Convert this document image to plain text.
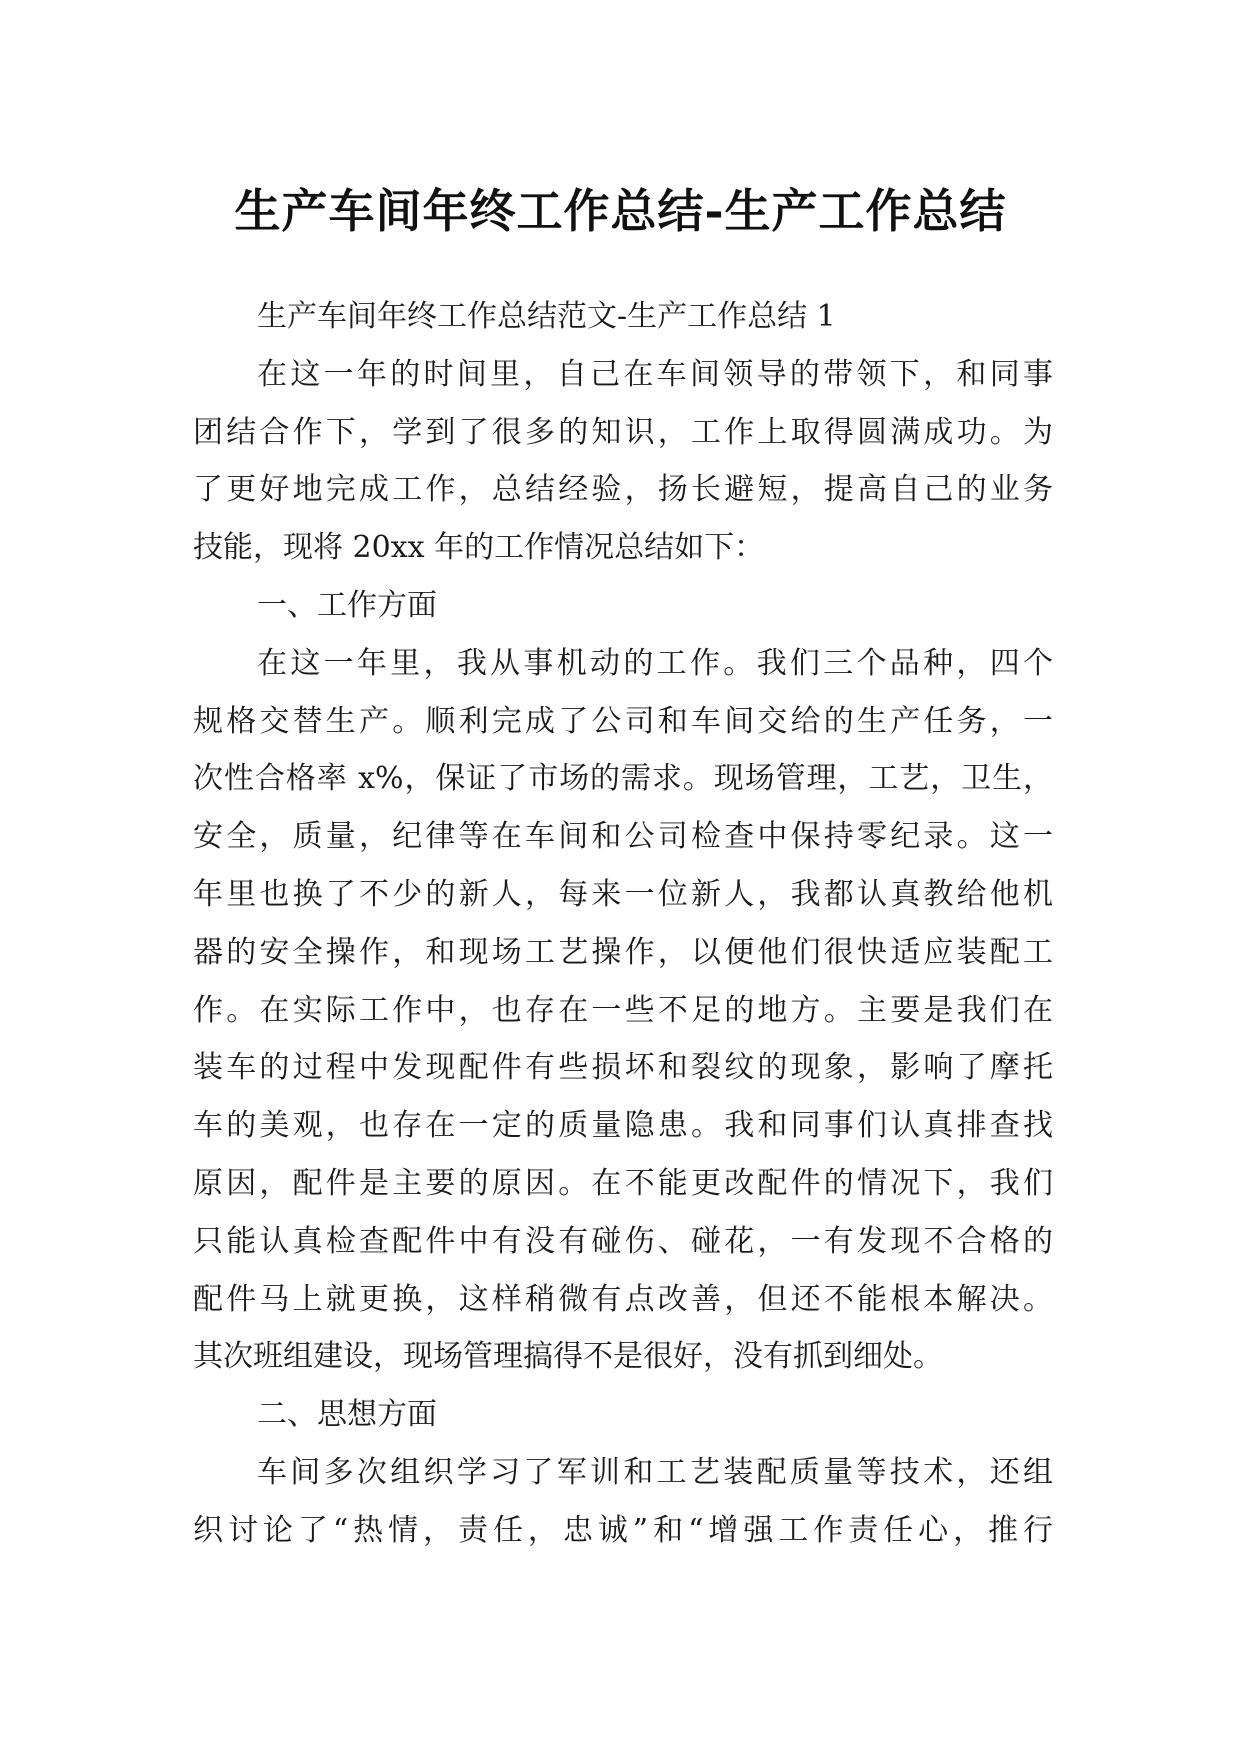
生产车间年终工作总结-生产工作总结
生产车间年终工作总结范文-生产工作总结 1
在这一年的时间里，自己在车间领导的带领下，和同事
团结合作下，学到了很多的知识，工作上取得圆满成功。为
了更好地完成工作，总结经验，扬长避短，提高自己的业务
技能，现将 20xx 年的工作情况总结如下：
一、工作方面
在这一年里，我从事机动的工作。我们三个品种，四个
规格交替生产。顺利完成了公司和车间交给的生产任务，一
次性合格率 x%，保证了市场的需求。现场管理，工艺，卫生，
安全，质量，纪律等在车间和公司检查中保持零纪录。这一
年里也换了不少的新人，每来一位新人，我都认真教给他机
器的安全操作，和现场工艺操作，以便他们很快适应装配工
作。在实际工作中，也存在一些不足的地方。主要是我们在
装车的过程中发现配件有些损坏和裂纹的现象，影响了摩托
车的美观，也存在一定的质量隐患。我和同事们认真排查找
原因，配件是主要的原因。在不能更改配件的情况下，我们
只能认真检查配件中有没有碰伤、碰花，一有发现不合格的
配件马上就更换，这样稍微有点改善，但还不能根本解决。
其次班组建设，现场管理搞得不是很好，没有抓到细处。
二、思想方面
车间多次组织学习了军训和工艺装配质量等技术，还组
织讨论了“热情，责任，忠诚”和“增强工作责任心，推行
